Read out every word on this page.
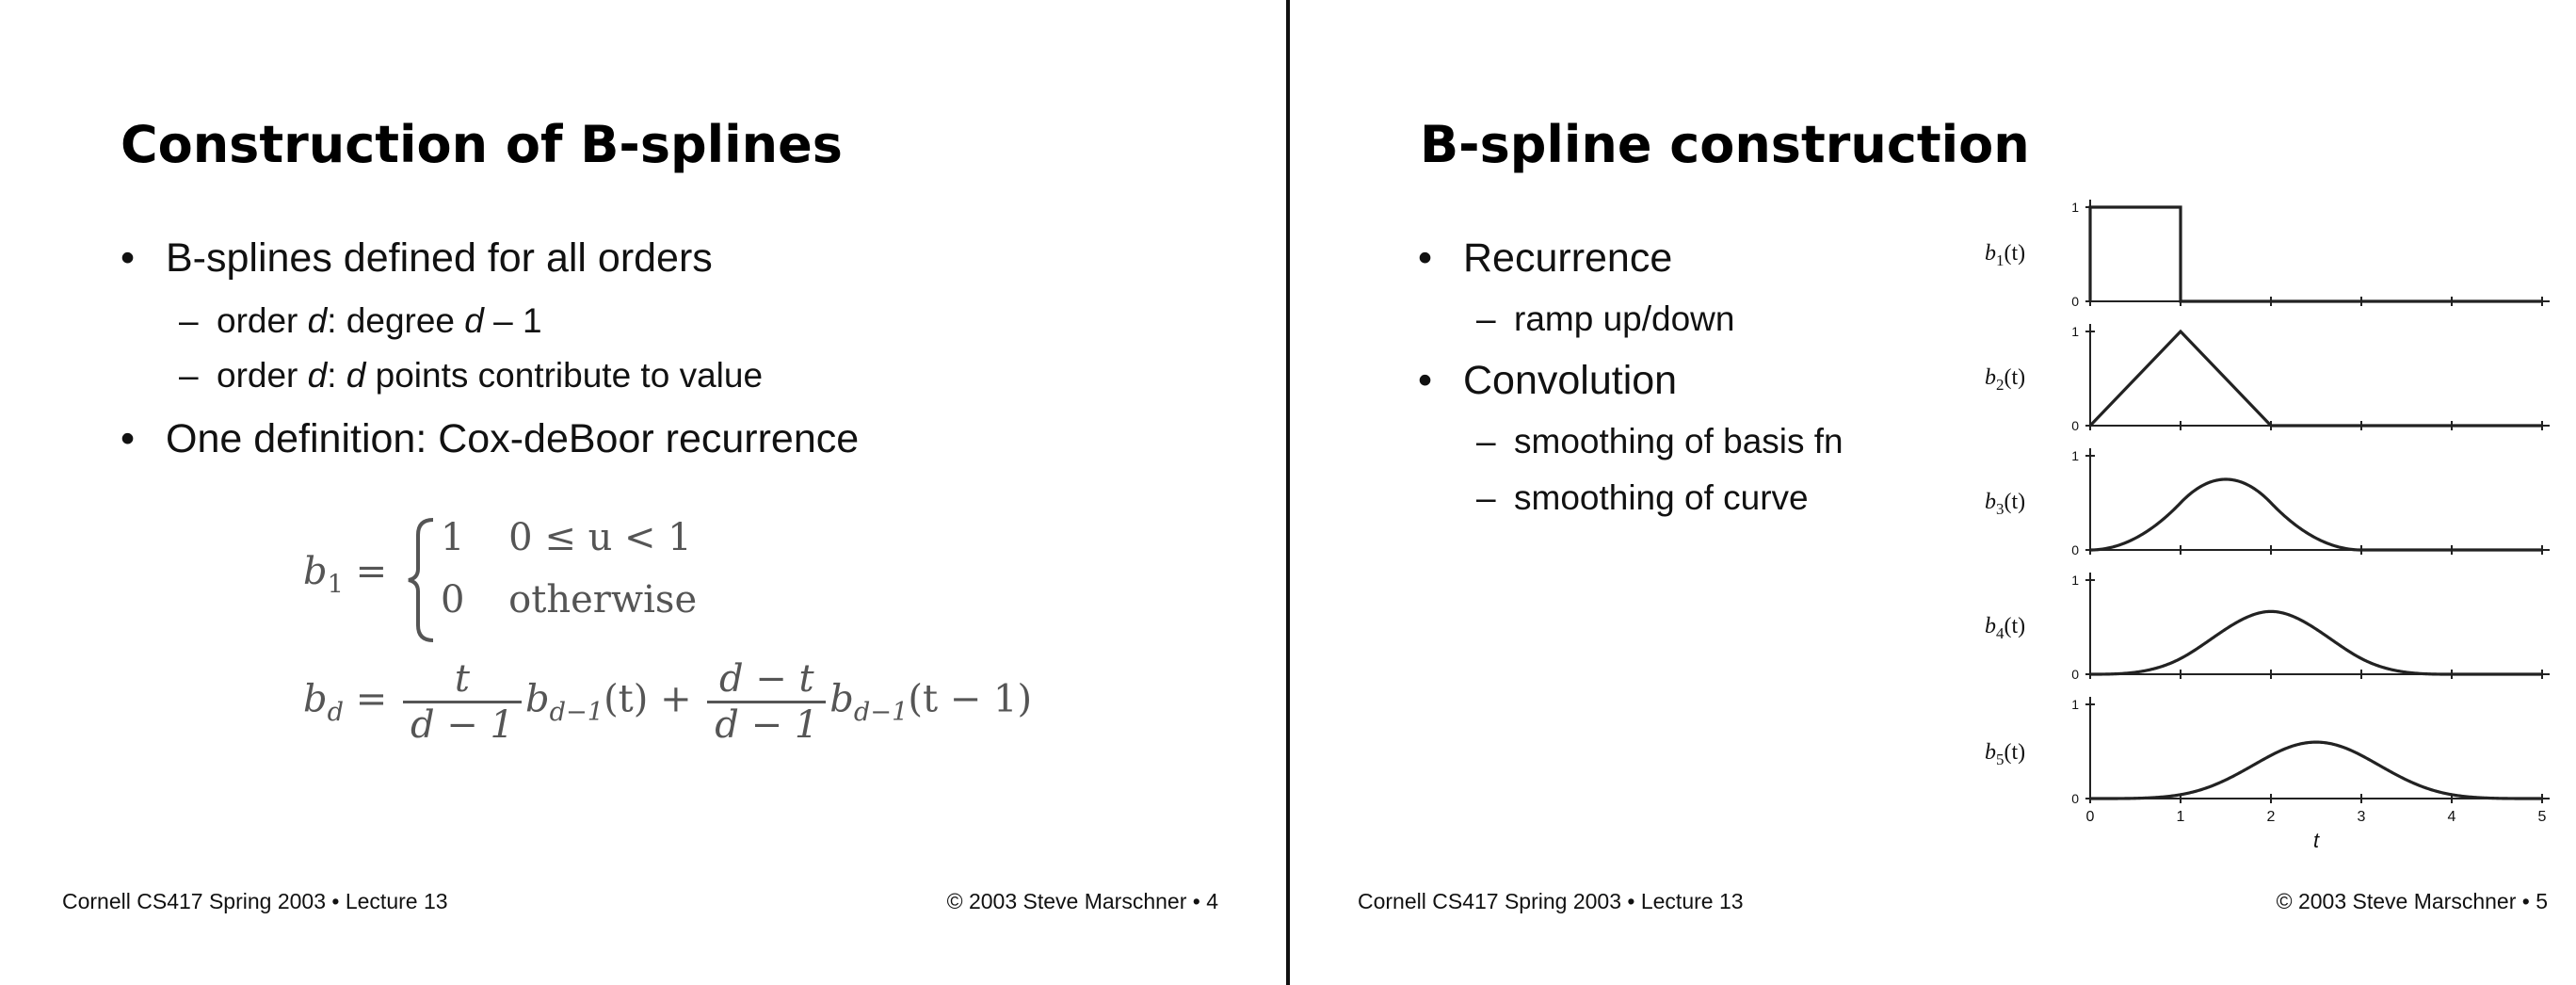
Construction of B-splines

• B-splines defined for all orders

– order d: degree d – 1

– order d: d points contribute to value

• One definition: Cox-deBoor recurrence

$b_1$ =
1 0 ≤ u < 1
0 otherwise
$b_d = \frac{t}{d - 1} b_{d-1}(t) + \frac{d - t}{d - 1} b_{d-1}(t - 1)$
Cornell CS417 Spring 2003 • Lecture 13	© 2003 Steve Marschner • 4
B-spline construction

• Recurrence

– ramp up/down

• Convolution

– smoothing of basis fn

– smoothing of curve

$b_1(t)$
$b_2(t)$
$b_3(t)$
$b_4(t)$
$b_5(t)$
0
1
0
1
0
1
0
1
0
1
0	1	2	3	4	5
t
Cornell CS417 Spring 2003 • Lecture 13	© 2003 Steve Marschner • 5
